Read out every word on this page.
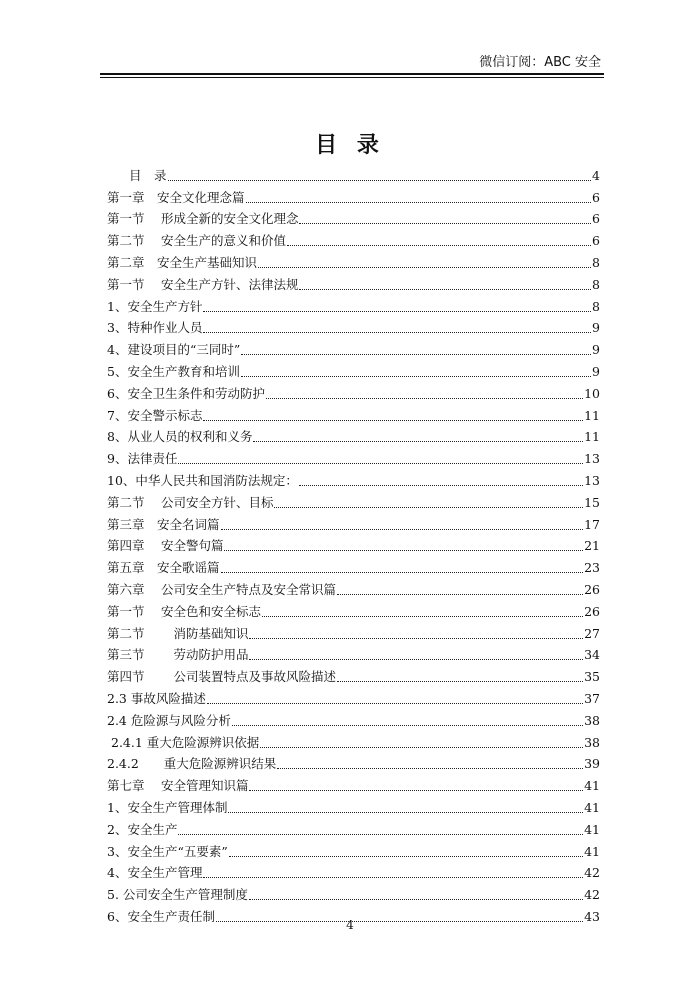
微信订阅：ABC 安全
目 录
目　录	4
第一章　安全文化理念篇	6
第一节　 形成全新的安全文化理念	6
第二节　 安全生产的意义和价值	6
第二章　安全生产基础知识	8
第一节　 安全生产方针、法律法规	8
1、安全生产方针	8
3、特种作业人员	9
4、建设项目的“三同时”	9
5、安全生产教育和培训	9
6、安全卫生条件和劳动防护	10
7、安全警示标志	11
8、从业人员的权利和义务	11
9、法律责任	13
10、中华人民共和国消防法规定：	13
第二节　 公司安全方针、目标	15
第三章　安全名词篇	17
第四章　 安全警句篇	21
第五章　安全歌谣篇	23
第六章　 公司安全生产特点及安全常识篇	26
第一节　 安全色和安全标志	26
第二节　　 消防基础知识	27
第三节　　 劳动防护用品	34
第四节　　 公司装置特点及事故风险描述	35
2.3 事故风险描述	37
2.4 危险源与风险分析	38
2.4.1 重大危险源辨识依据	38
2.4.2　　重大危险源辨识结果	39
第七章　 安全管理知识篇	41
1、安全生产管理体制	41
2、安全生产	41
3、安全生产“五要素”	41
4、安全生产管理	42
5. 公司安全生产管理制度	42
6、安全生产责任制	43
4
